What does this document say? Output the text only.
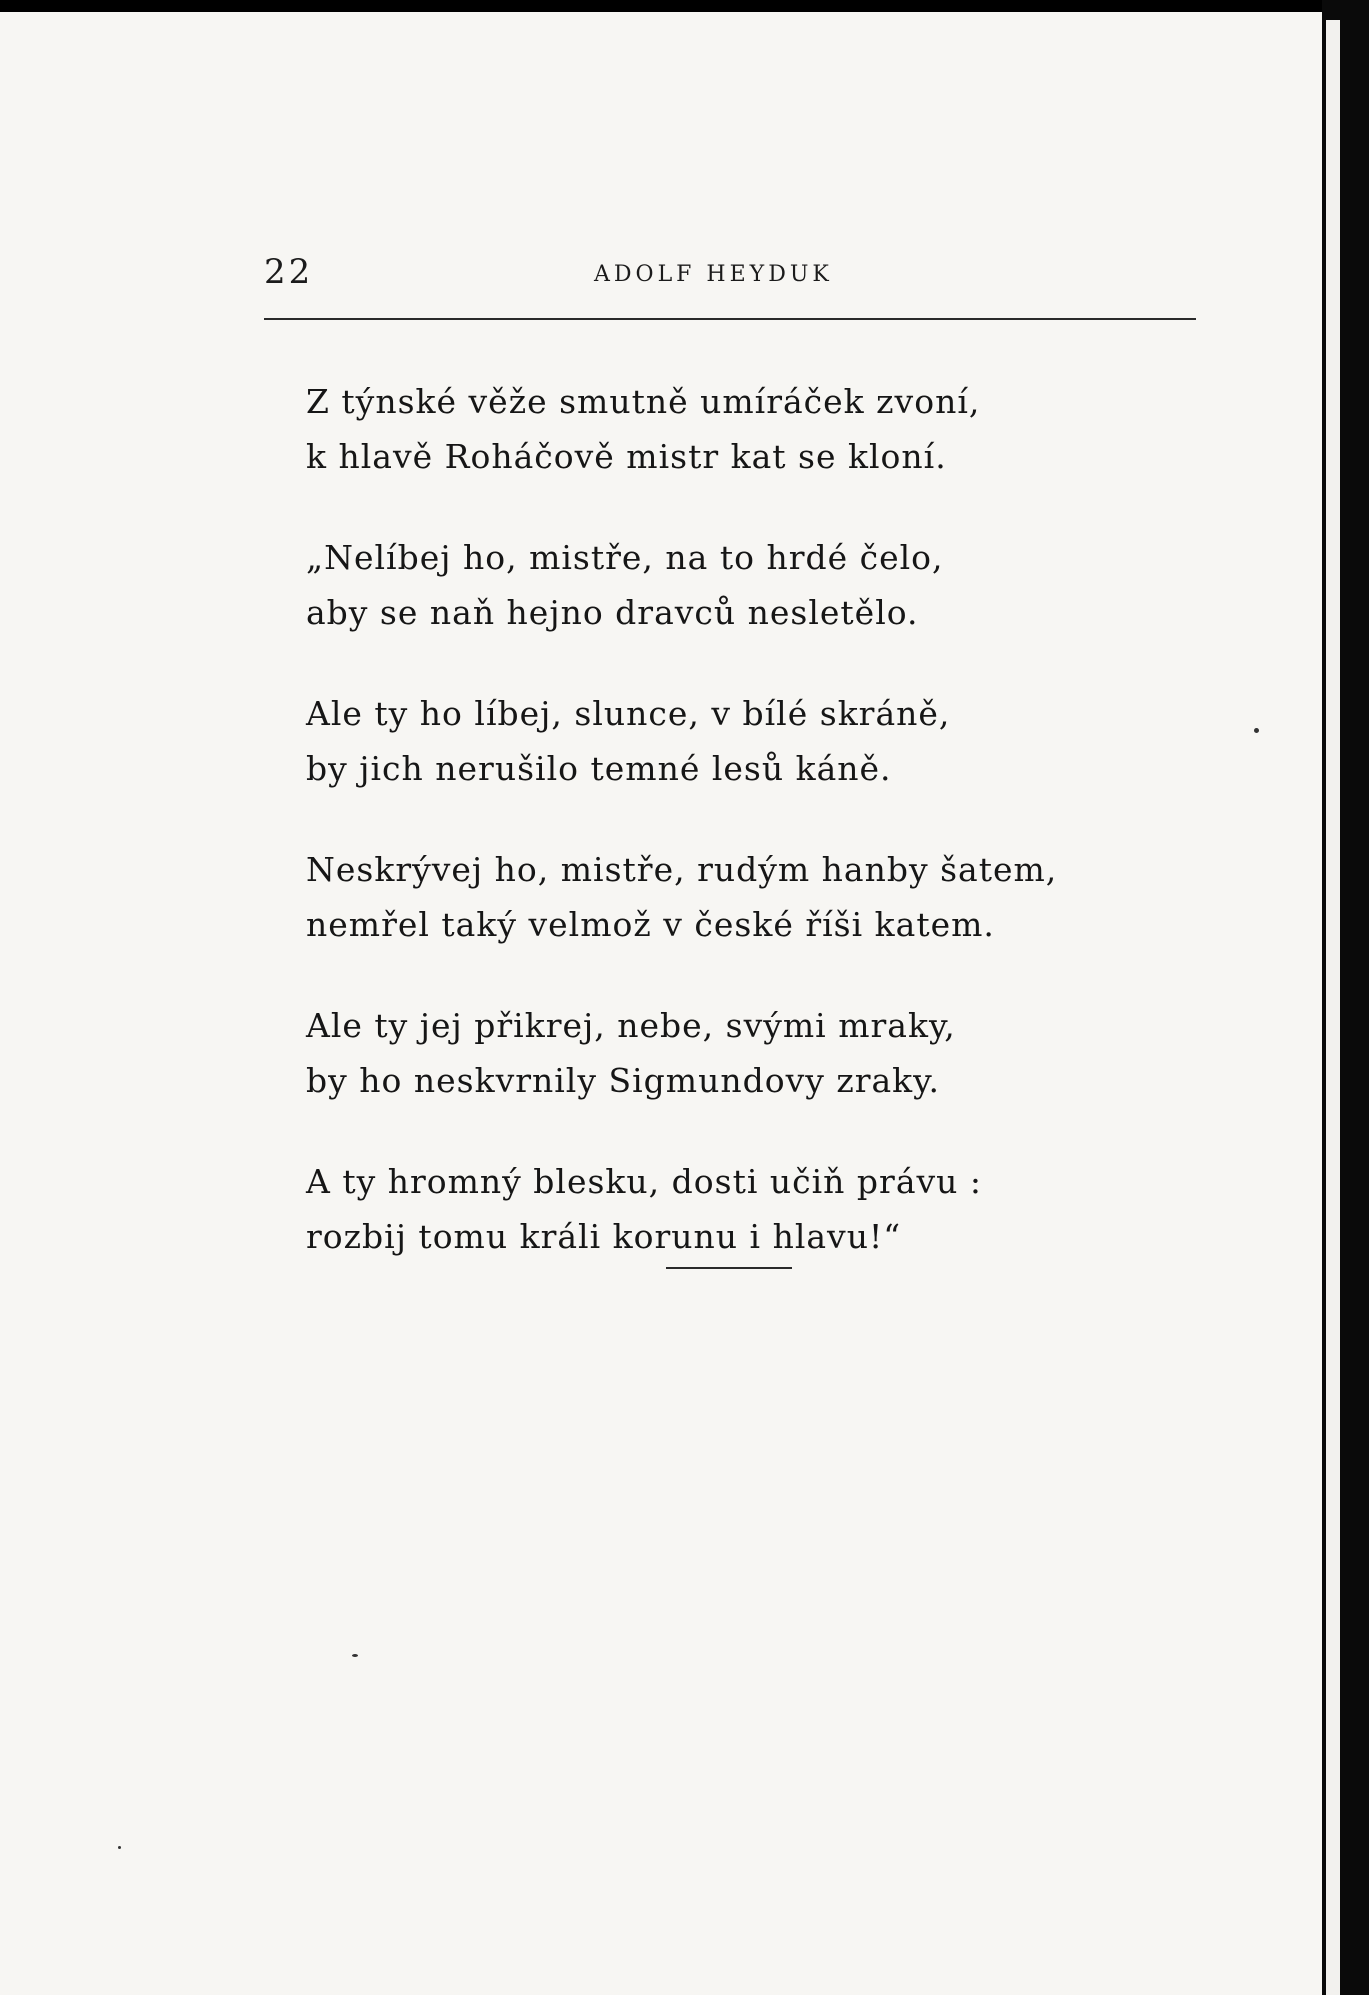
22	ADOLF HEYDUK
Z týnské věže smutně umíráček zvoní,
k hlavě Roháčově mistr kat se kloní.
„Nelíbej ho, mistře, na to hrdé čelo,
aby se naň hejno dravců nesletělo.
Ale ty ho líbej, slunce, v bílé skráně,
by jich nerušilo temné lesů káně.
Neskrývej ho, mistře, rudým hanby šatem,
nemřel taký velmož v české říši katem.
Ale ty jej přikrej, nebe, svými mraky,
by ho neskvrnily Sigmundovy zraky.
A ty hromný blesku, dosti učiň právu :
rozbij tomu králi korunu i hlavu!“
